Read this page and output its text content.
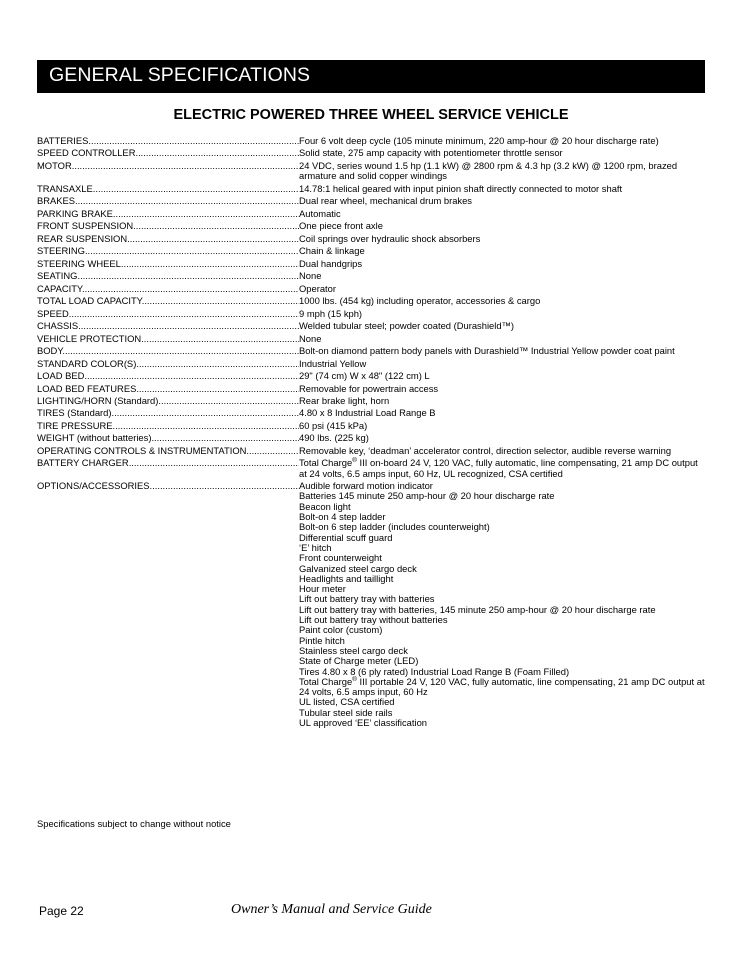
GENERAL SPECIFICATIONS
ELECTRIC POWERED THREE WHEEL SERVICE VEHICLE
BATTERIES .....	Four 6 volt deep cycle (105 minute minimum, 220 amp-hour @ 20 hour discharge rate)
SPEED CONTROLLER .....	Solid state, 275 amp capacity with potentiometer throttle sensor
MOTOR .....	24 VDC, series wound 1.5 hp (1.1 kW) @ 2800 rpm & 4.3 hp (3.2 kW) @ 1200 rpm, brazed armature and solid copper windings
TRANSAXLE .....	14.78:1 helical geared with input pinion shaft directly connected to motor shaft
BRAKES .....	Dual rear wheel, mechanical drum brakes
PARKING BRAKE .....	Automatic
FRONT SUSPENSION .....	One piece front axle
REAR SUSPENSION .....	Coil springs over hydraulic shock absorbers
STEERING .....	Chain & linkage
STEERING WHEEL .....	Dual handgrips
SEATING .....	None
CAPACITY .....	Operator
TOTAL LOAD CAPACITY .....	1000 lbs. (454 kg) including operator, accessories & cargo
SPEED .....	9 mph (15 kph)
CHASSIS .....	Welded tubular steel; powder coated (Durashield™)
VEHICLE PROTECTION .....	None
BODY .....	Bolt-on diamond pattern body panels with Durashield™ Industrial Yellow powder coat paint
STANDARD COLOR(S) .....	Industrial Yellow
LOAD BED .....	29" (74 cm) W x 48" (122 cm) L
LOAD BED FEATURES .....	Removable for powertrain access
LIGHTING/HORN (Standard) .....	Rear brake light, horn
TIRES (Standard) .....	4.80 x 8 Industrial Load Range B
TIRE PRESSURE .....	60 psi (415 kPa)
WEIGHT (without batteries) .....	490 lbs. (225 kg)
OPERATING CONTROLS & INSTRUMENTATION .....	Removable key, ‘deadman’ accelerator control, direction selector, audible reverse warning
BATTERY CHARGER .....	Total Charge® III on-board 24 V, 120 VAC, fully automatic, line compensating, 21 amp DC output at 24 volts, 6.5 amps input, 60 Hz, UL recognized, CSA certified
OPTIONS/ACCESSORIES .....	Audible forward motion indicator
Batteries 145 minute 250 amp-hour @ 20 hour discharge rate
Beacon light
Bolt-on 4 step ladder
Bolt-on 6 step ladder (includes counterweight)
Differential scuff guard
‘E’ hitch
Front counterweight
Galvanized steel cargo deck
Headlights and taillight
Hour meter
Lift out battery tray with batteries
Lift out battery tray with batteries, 145 minute 250 amp-hour @ 20 hour discharge rate
Lift out battery tray without batteries
Paint color (custom)
Pintle hitch
Stainless steel cargo deck
State of Charge meter (LED)
Tires 4.80 x 8 (6 ply rated) Industrial Load Range B (Foam Filled)
Total Charge® III portable 24 V, 120 VAC, fully automatic, line compensating, 21 amp DC output at 24 volts, 6.5 amps input, 60 Hz
UL listed, CSA certified
Tubular steel side rails
UL approved ‘EE’ classification
Specifications subject to change without notice
Page 22	Owner’s Manual and Service Guide
